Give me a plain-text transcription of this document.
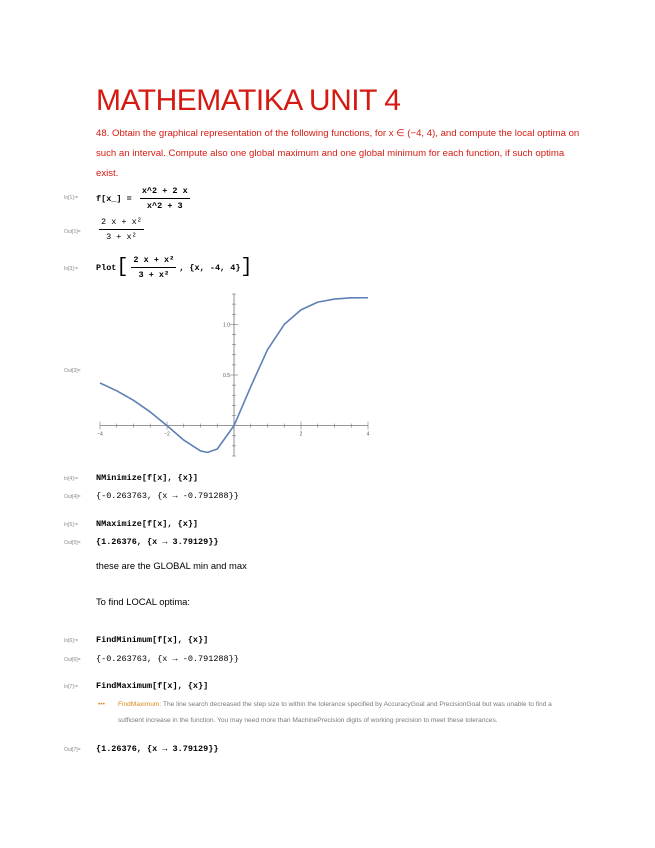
MATHEMATIKA UNIT 4
48. Obtain the graphical representation of the following functions, for x ∈ (−4, 4), and compute the local optima on such an interval. Compute also one global maximum and one global minimum for each function, if such optima exist.
In[1]:= f[x_] = $\frac{x\^{}2 + 2 x}{x\^{}2 + 3}$
$Out[1]= \frac{\text{2 x + x²}}{\text{3 + x²}}$
In[3]:= Plot[ $\frac{\text{2 x + x²}}{\text{3 + x²}}$ , {x, -4, 4}]
Out[3]=
−4	−2	2	4
0.5
1.0
In[4]:= NMinimize[f[x], {x}]
Out[4]= {-0.263763, {x → -0.791288}}
In[5]:= NMaximize[f[x], {x}]
Out[5]= {1.26376, {x → 3.79129}}
these are the GLOBAL min and max
To find LOCAL optima:
In[6]:= FindMinimum[f[x], {x}]
Out[6]= {-0.263763, {x → -0.791288}}
In[7]:= FindMaximum[f[x], {x}]
•••	FindMaximum: The line search decreased the step size to within the tolerance specified by AccuracyGoal and PrecisionGoal but was unable to find a sufficient increase in the function. You may need more than MachinePrecision digits of working precision to meet these tolerances.
Out[7]= {1.26376, {x → 3.79129}}
